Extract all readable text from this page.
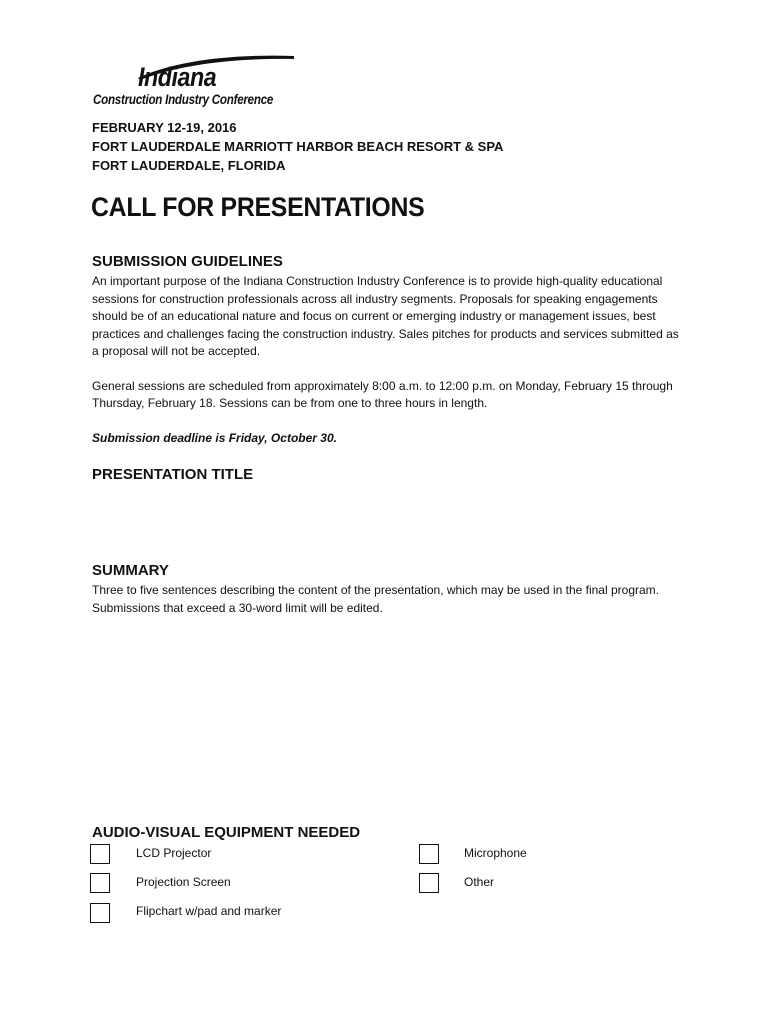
Indiana
Construction Industry Conference
FEBRUARY 12-19, 2016
FORT LAUDERDALE MARRIOTT HARBOR BEACH RESORT & SPA
FORT LAUDERDALE, FLORIDA
CALL FOR PRESENTATIONS
SUBMISSION GUIDELINES

An important purpose of the Indiana Construction Industry Conference is to provide high-quality educational sessions for construction professionals across all industry segments. Proposals for speaking engagements should be of an educational nature and focus on current or emerging industry or management issues, best practices and challenges facing the construction industry. Sales pitches for products and services submitted as a proposal will not be accepted.

General sessions are scheduled from approximately 8:00 a.m. to 12:00 p.m. on Monday, February 15 through Thursday, February 18. Sessions can be from one to three hours in length.

Submission deadline is Friday, October 30.

PRESENTATION TITLE
SUMMARY

Three to five sentences describing the content of the presentation, which may be used in the final program. Submissions that exceed a 30-word limit will be edited.

AUDIO-VISUAL EQUIPMENT NEEDED
LCD Projector
Projection Screen
Flipchart w/pad and marker
Microphone
Other
